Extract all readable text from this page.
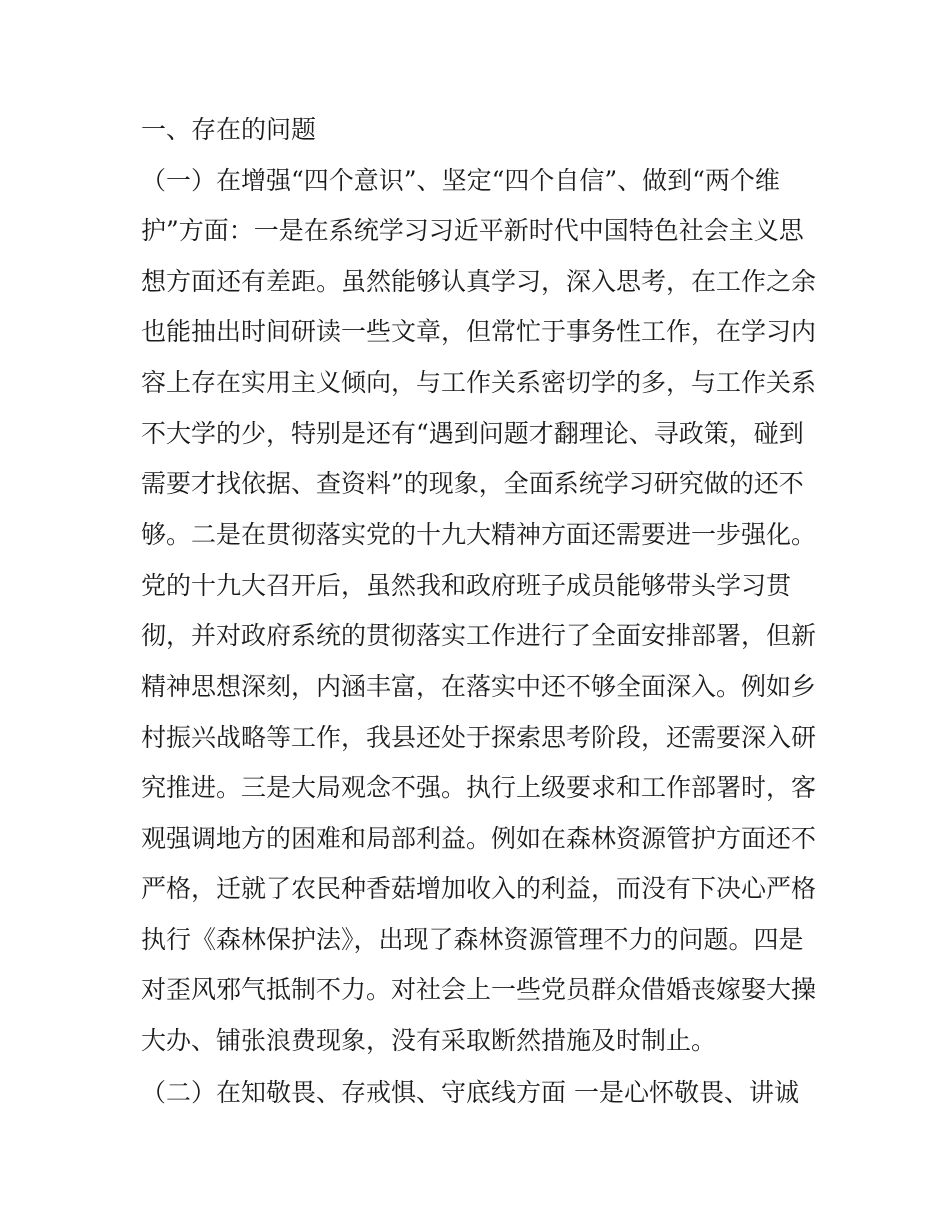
一、存在的问题
（一）在增强“四个意识”、坚定“四个自信”、做到“两个维
护”方面：一是在系统学习习近平新时代中国特色社会主义思
想方面还有差距。虽然能够认真学习，深入思考，在工作之余
也能抽出时间研读一些文章，但常忙于事务性工作，在学习内
容上存在实用主义倾向，与工作关系密切学的多，与工作关系
不大学的少，特别是还有“遇到问题才翻理论、寻政策，碰到
需要才找依据、查资料”的现象，全面系统学习研究做的还不
够。二是在贯彻落实党的十九大精神方面还需要进一步强化。
党的十九大召开后，虽然我和政府班子成员能够带头学习贯
彻，并对政府系统的贯彻落实工作进行了全面安排部署，但新
精神思想深刻，内涵丰富，在落实中还不够全面深入。例如乡
村振兴战略等工作，我县还处于探索思考阶段，还需要深入研
究推进。三是大局观念不强。执行上级要求和工作部署时，客
观强调地方的困难和局部利益。例如在森林资源管护方面还不
严格，迁就了农民种香菇增加收入的利益，而没有下决心严格
执行《森林保护法》，出现了森林资源管理不力的问题。四是
对歪风邪气抵制不力。对社会上一些党员群众借婚丧嫁娶大操
大办、铺张浪费现象，没有采取断然措施及时制止。
（二）在知敬畏、存戒惧、守底线方面 一是心怀敬畏、讲诚
